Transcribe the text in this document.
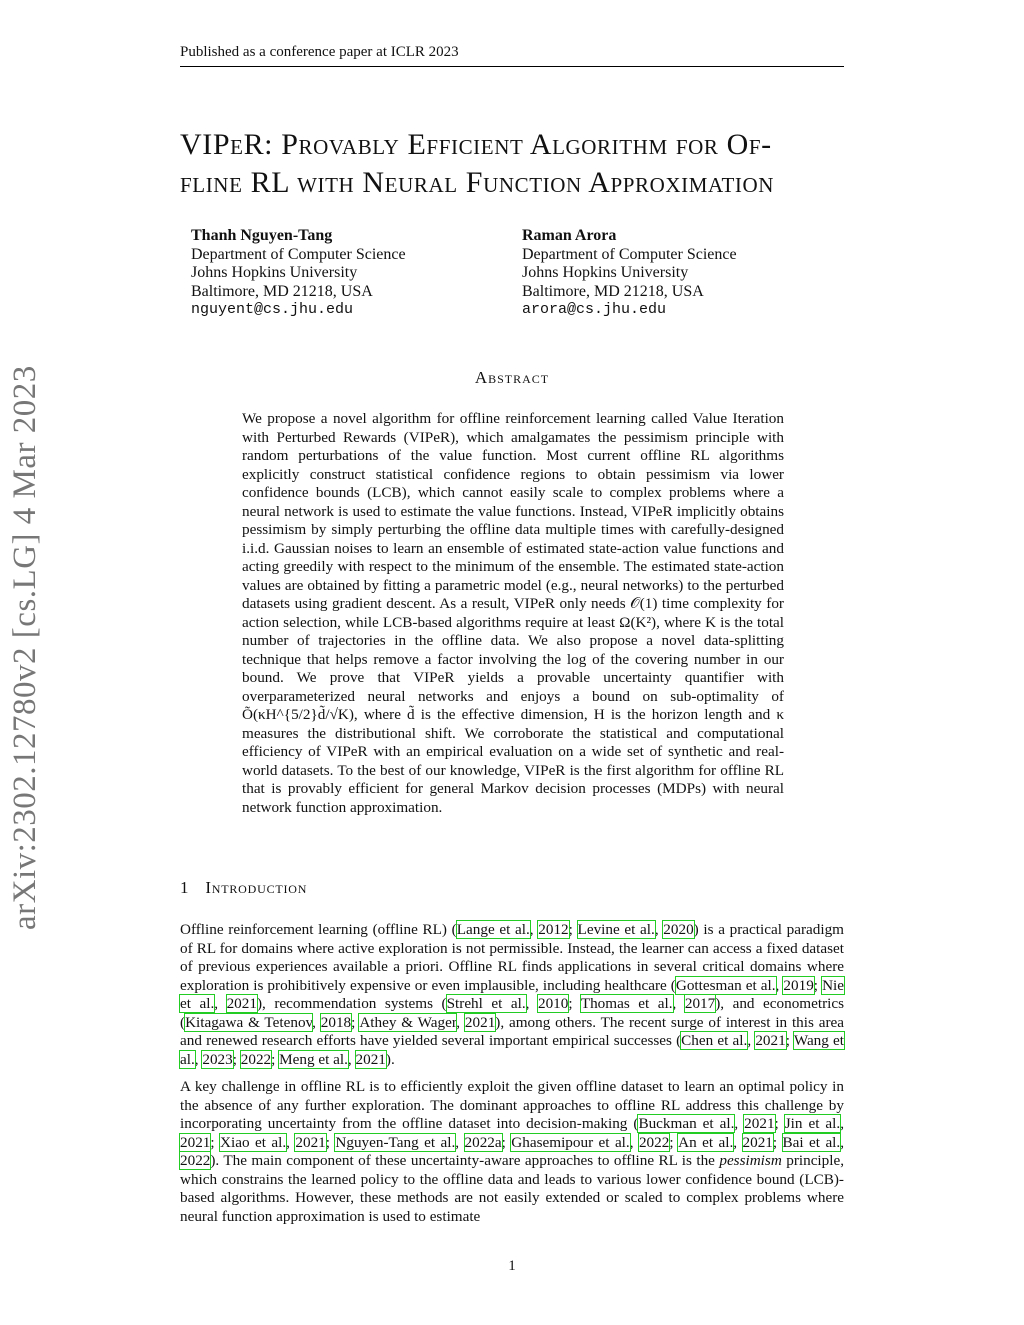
Published as a conference paper at ICLR 2023
arXiv:2302.12780v2 [cs.LG] 4 Mar 2023
VIPeR: Provably Efficient Algorithm for Of-
fline RL with Neural Function Approximation
Thanh Nguyen-Tang
Department of Computer Science
Johns Hopkins University
Baltimore, MD 21218, USA
nguyent@cs.jhu.edu
Raman Arora
Department of Computer Science
Johns Hopkins University
Baltimore, MD 21218, USA
arora@cs.jhu.edu
Abstract

We propose a novel algorithm for offline reinforcement learning called Value Iteration with Perturbed Rewards (VIPeR), which amalgamates the pessimism principle with random perturbations of the value function. Most current offline RL algorithms explicitly construct statistical confidence regions to obtain pessimism via lower confidence bounds (LCB), which cannot easily scale to complex problems where a neural network is used to estimate the value functions. Instead, VIPeR implicitly obtains pessimism by simply perturbing the offline data multiple times with carefully-designed i.i.d. Gaussian noises to learn an ensemble of estimated state-action value functions and acting greedily with respect to the minimum of the ensemble. The estimated state-action values are obtained by fitting a parametric model (e.g., neural networks) to the perturbed datasets using gradient descent. As a result, VIPeR only needs 𝒪(1) time complexity for action selection, while LCB-based algorithms require at least Ω(K²), where K is the total number of trajectories in the offline data. We also propose a novel data-splitting technique that helps remove a factor involving the log of the covering number in our bound. We prove that VIPeR yields a provable uncertainty quantifier with overparameterized neural networks and enjoys a bound on sub-optimality of Õ(κH^{5/2}d̃/√K), where d̃ is the effective dimension, H is the horizon length and κ measures the distributional shift. We corroborate the statistical and computational efficiency of VIPeR with an empirical evaluation on a wide set of synthetic and real-world datasets. To the best of our knowledge, VIPeR is the first algorithm for offline RL that is provably efficient for general Markov decision processes (MDPs) with neural network function approximation.

1 Introduction

Offline reinforcement learning (offline RL) (Lange et al., 2012; Levine et al., 2020) is a practical paradigm of RL for domains where active exploration is not permissible. Instead, the learner can access a fixed dataset of previous experiences available a priori. Offline RL finds applications in several critical domains where exploration is prohibitively expensive or even implausible, including healthcare (Gottesman et al., 2019; Nie et al., 2021), recommendation systems (Strehl et al., 2010; Thomas et al., 2017), and econometrics (Kitagawa & Tetenov, 2018; Athey & Wager, 2021), among others. The recent surge of interest in this area and renewed research efforts have yielded several important empirical successes (Chen et al., 2021; Wang et al., 2023; 2022; Meng et al., 2021).

A key challenge in offline RL is to efficiently exploit the given offline dataset to learn an optimal policy in the absence of any further exploration. The dominant approaches to offline RL address this challenge by incorporating uncertainty from the offline dataset into decision-making (Buckman et al., 2021; Jin et al., 2021; Xiao et al., 2021; Nguyen-Tang et al., 2022a; Ghasemipour et al., 2022; An et al., 2021; Bai et al., 2022). The main component of these uncertainty-aware approaches to offline RL is the pessimism principle, which constrains the learned policy to the offline data and leads to various lower confidence bound (LCB)-based algorithms. However, these methods are not easily extended or scaled to complex problems where neural function approximation is used to estimate

1
